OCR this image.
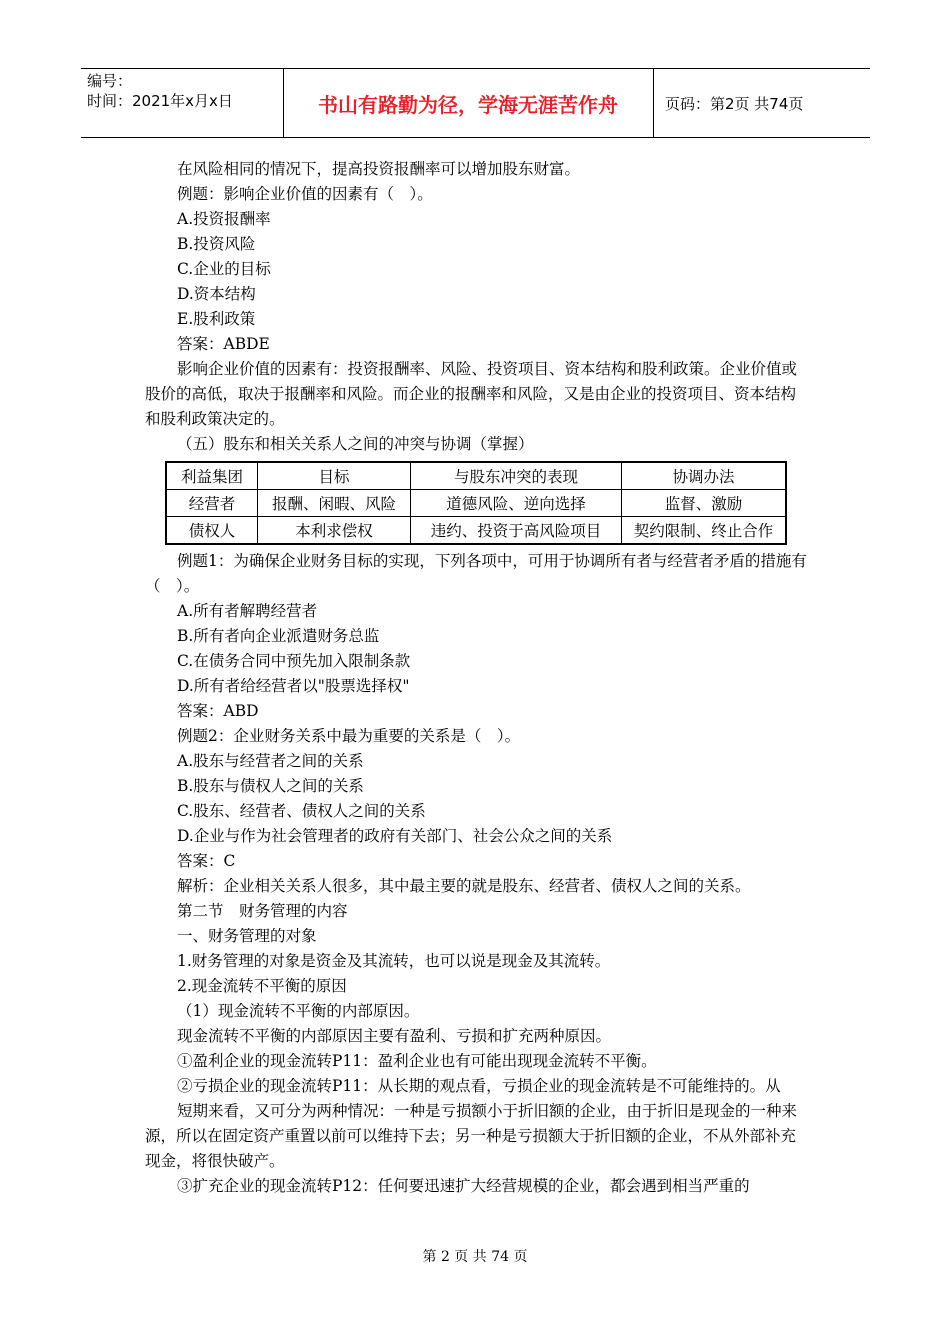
编号：
时间：2021年x月x日	书山有路勤为径，学海无涯苦作舟	页码：第2页 共74页

在风险相同的情况下，提高投资报酬率可以增加股东财富。

例题：影响企业价值的因素有（　）。

A.投资报酬率

B.投资风险

C.企业的目标

D.资本结构

E.股利政策

答案：ABDE

影响企业价值的因素有：投资报酬率、风险、投资项目、资本结构和股利政策。企业价值或股价的高低，取决于报酬率和风险。而企业的报酬率和风险，又是由企业的投资项目、资本结构和股利政策决定的。

（五）股东和相关关系人之间的冲突与协调（掌握）

利益集团	目标	与股东冲突的表现	协调办法
经营者	报酬、闲暇、风险	道德风险、逆向选择	监督、激励
债权人	本利求偿权	违约、投资于高风险项目	契约限制、终止合作

例题1：为确保企业财务目标的实现，下列各项中，可用于协调所有者与经营者矛盾的措施有（　）。

A.所有者解聘经营者

B.所有者向企业派遣财务总监

C.在债务合同中预先加入限制条款

D.所有者给经营者以"股票选择权"

答案：ABD

例题2：企业财务关系中最为重要的关系是（　）。

A.股东与经营者之间的关系

B.股东与债权人之间的关系

C.股东、经营者、债权人之间的关系

D.企业与作为社会管理者的政府有关部门、社会公众之间的关系

答案：C

解析：企业相关关系人很多，其中最主要的就是股东、经营者、债权人之间的关系。

第二节　财务管理的内容

一、财务管理的对象

1.财务管理的对象是资金及其流转，也可以说是现金及其流转。

2.现金流转不平衡的原因

（1）现金流转不平衡的内部原因。

现金流转不平衡的内部原因主要有盈利、亏损和扩充两种原因。

①盈利企业的现金流转P11：盈利企业也有可能出现现金流转不平衡。

②亏损企业的现金流转P11：从长期的观点看，亏损企业的现金流转是不可能维持的。从

短期来看，又可分为两种情况：一种是亏损额小于折旧额的企业，由于折旧是现金的一种来源，所以在固定资产重置以前可以维持下去；另一种是亏损额大于折旧额的企业，不从外部补充现金，将很快破产。

③扩充企业的现金流转P12：任何要迅速扩大经营规模的企业，都会遇到相当严重的

第 2 页 共 74 页
